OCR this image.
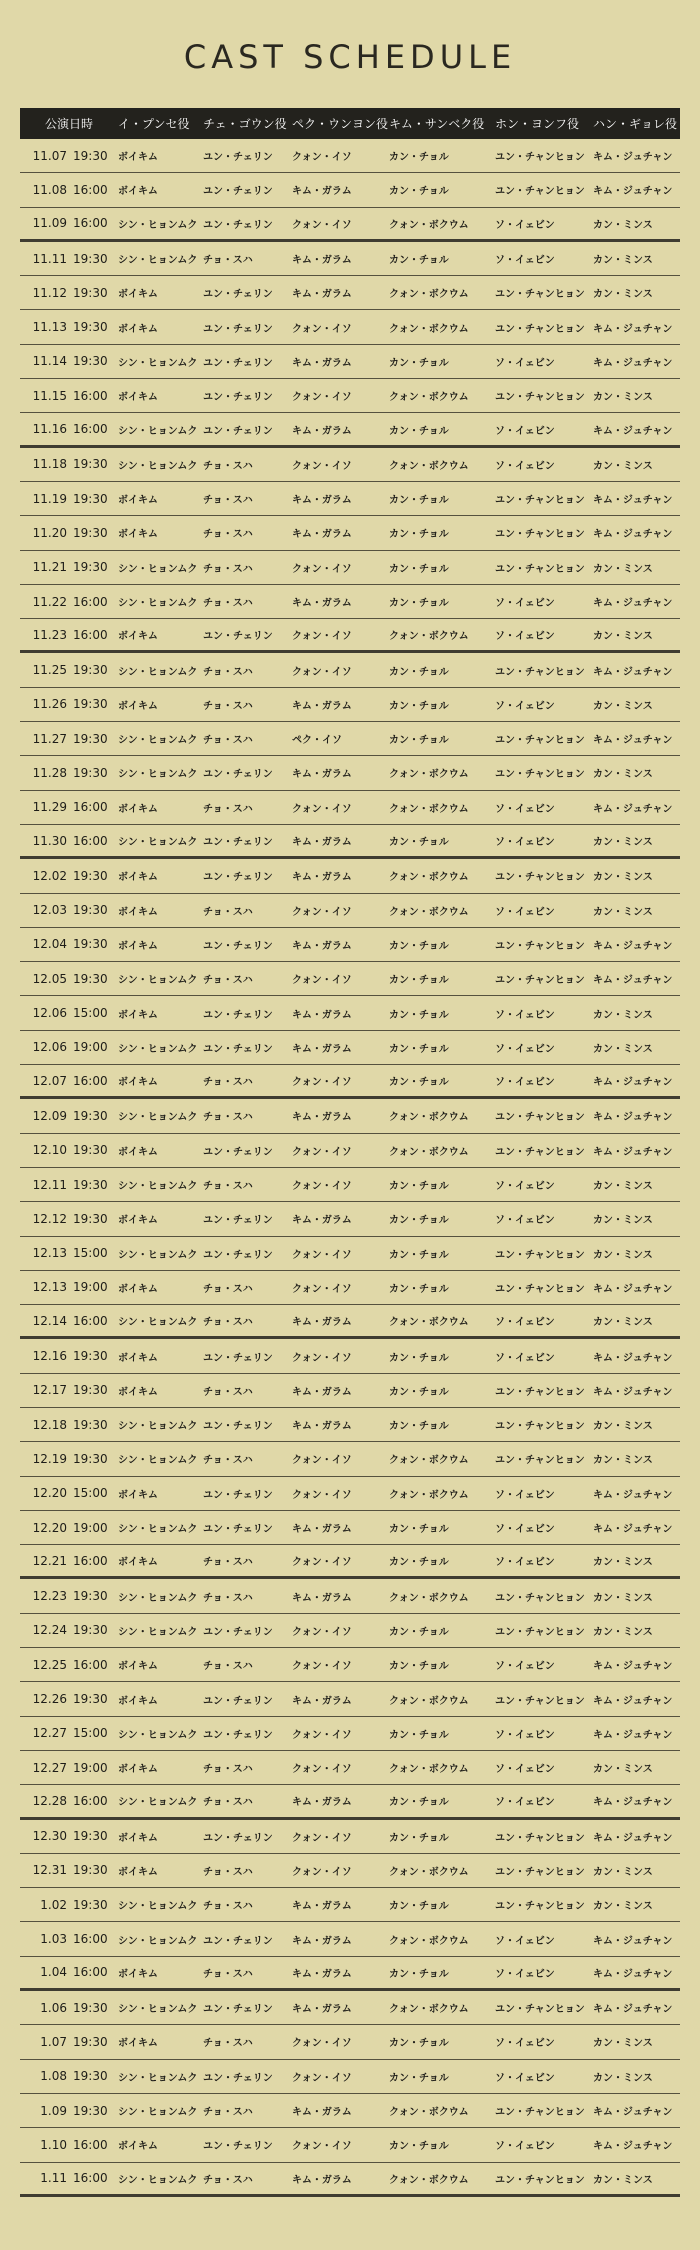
CAST SCHEDULE
公演日時	イ・プンセ役	チェ・ゴウン役 ペク・ウンヨン役 キム・サンベク役 ホン・ヨンフ役	ハン・ギョレ役
11.07 19:30	ボイキム	ユン・チェリン	クォン・イソ	カン・チョル	ユン・チャンヒョン キム・ジュチャン
11.08 16:00	ボイキム	ユン・チェリン	キム・ガラム	カン・チョル	ユン・チャンヒョン キム・ジュチャン
11.09 16:00	シン・ヒョンムク ユン・チェリン	クォン・イソ	クォン・ボクウム	ソ・イェビン	カン・ミンス
11.11 19:30	シン・ヒョンムク チョ・スハ	キム・ガラム	カン・チョル	ソ・イェビン	カン・ミンス
11.12 19:30	ボイキム	ユン・チェリン	キム・ガラム	クォン・ボクウム	ユン・チャンヒョン カン・ミンス
11.13 19:30	ボイキム	ユン・チェリン	クォン・イソ	クォン・ボクウム	ユン・チャンヒョン キム・ジュチャン
11.14 19:30	シン・ヒョンムク ユン・チェリン	キム・ガラム	カン・チョル	ソ・イェビン	キム・ジュチャン
11.15 16:00	ボイキム	ユン・チェリン	クォン・イソ	クォン・ボクウム	ユン・チャンヒョン カン・ミンス
11.16 16:00	シン・ヒョンムク ユン・チェリン	キム・ガラム	カン・チョル	ソ・イェビン	キム・ジュチャン
11.18 19:30	シン・ヒョンムク チョ・スハ	クォン・イソ	クォン・ボクウム	ソ・イェビン	カン・ミンス
11.19 19:30	ボイキム	チョ・スハ	キム・ガラム	カン・チョル	ユン・チャンヒョン キム・ジュチャン
11.20 19:30	ボイキム	チョ・スハ	キム・ガラム	カン・チョル	ユン・チャンヒョン キム・ジュチャン
11.21 19:30	シン・ヒョンムク チョ・スハ	クォン・イソ	カン・チョル	ユン・チャンヒョン カン・ミンス
11.22 16:00	シン・ヒョンムク チョ・スハ	キム・ガラム	カン・チョル	ソ・イェビン	キム・ジュチャン
11.23 16:00	ボイキム	ユン・チェリン	クォン・イソ	クォン・ボクウム	ソ・イェビン	カン・ミンス
11.25 19:30	シン・ヒョンムク チョ・スハ	クォン・イソ	カン・チョル	ユン・チャンヒョン キム・ジュチャン
11.26 19:30	ボイキム	チョ・スハ	キム・ガラム	カン・チョル	ソ・イェビン	カン・ミンス
11.27 19:30	シン・ヒョンムク チョ・スハ	ペク・イソ	カン・チョル	ユン・チャンヒョン キム・ジュチャン
11.28 19:30	シン・ヒョンムク ユン・チェリン	キム・ガラム	クォン・ボクウム	ユン・チャンヒョン カン・ミンス
11.29 16:00	ボイキム	チョ・スハ	クォン・イソ	クォン・ボクウム	ソ・イェビン	キム・ジュチャン
11.30 16:00	シン・ヒョンムク ユン・チェリン	キム・ガラム	カン・チョル	ソ・イェビン	カン・ミンス
12.02 19:30	ボイキム	ユン・チェリン	キム・ガラム	クォン・ボクウム	ユン・チャンヒョン カン・ミンス
12.03 19:30	ボイキム	チョ・スハ	クォン・イソ	クォン・ボクウム	ソ・イェビン	カン・ミンス
12.04 19:30	ボイキム	ユン・チェリン	キム・ガラム	カン・チョル	ユン・チャンヒョン キム・ジュチャン
12.05 19:30	シン・ヒョンムク チョ・スハ	クォン・イソ	カン・チョル	ユン・チャンヒョン キム・ジュチャン
12.06 15:00	ボイキム	ユン・チェリン	キム・ガラム	カン・チョル	ソ・イェビン	カン・ミンス
12.06 19:00	シン・ヒョンムク ユン・チェリン	キム・ガラム	カン・チョル	ソ・イェビン	カン・ミンス
12.07 16:00	ボイキム	チョ・スハ	クォン・イソ	カン・チョル	ソ・イェビン	キム・ジュチャン
12.09 19:30	シン・ヒョンムク チョ・スハ	キム・ガラム	クォン・ボクウム	ユン・チャンヒョン キム・ジュチャン
12.10 19:30	ボイキム	ユン・チェリン	クォン・イソ	クォン・ボクウム	ユン・チャンヒョン キム・ジュチャン
12.11 19:30	シン・ヒョンムク チョ・スハ	クォン・イソ	カン・チョル	ソ・イェビン	カン・ミンス
12.12 19:30	ボイキム	ユン・チェリン	キム・ガラム	カン・チョル	ソ・イェビン	カン・ミンス
12.13 15:00	シン・ヒョンムク ユン・チェリン	クォン・イソ	カン・チョル	ユン・チャンヒョン カン・ミンス
12.13 19:00	ボイキム	チョ・スハ	クォン・イソ	カン・チョル	ユン・チャンヒョン キム・ジュチャン
12.14 16:00	シン・ヒョンムク チョ・スハ	キム・ガラム	クォン・ボクウム	ソ・イェビン	カン・ミンス
12.16 19:30	ボイキム	ユン・チェリン	クォン・イソ	カン・チョル	ソ・イェビン	キム・ジュチャン
12.17 19:30	ボイキム	チョ・スハ	キム・ガラム	カン・チョル	ユン・チャンヒョン キム・ジュチャン
12.18 19:30	シン・ヒョンムク ユン・チェリン	キム・ガラム	カン・チョル	ユン・チャンヒョン カン・ミンス
12.19 19:30	シン・ヒョンムク チョ・スハ	クォン・イソ	クォン・ボクウム	ユン・チャンヒョン カン・ミンス
12.20 15:00	ボイキム	ユン・チェリン	クォン・イソ	クォン・ボクウム	ソ・イェビン	キム・ジュチャン
12.20 19:00	シン・ヒョンムク ユン・チェリン	キム・ガラム	カン・チョル	ソ・イェビン	キム・ジュチャン
12.21 16:00	ボイキム	チョ・スハ	クォン・イソ	カン・チョル	ソ・イェビン	カン・ミンス
12.23 19:30	シン・ヒョンムク チョ・スハ	キム・ガラム	クォン・ボクウム	ユン・チャンヒョン カン・ミンス
12.24 19:30	シン・ヒョンムク ユン・チェリン	クォン・イソ	カン・チョル	ユン・チャンヒョン カン・ミンス
12.25 16:00	ボイキム	チョ・スハ	クォン・イソ	カン・チョル	ソ・イェビン	キム・ジュチャン
12.26 19:30	ボイキム	ユン・チェリン	キム・ガラム	クォン・ボクウム	ユン・チャンヒョン キム・ジュチャン
12.27 15:00	シン・ヒョンムク ユン・チェリン	クォン・イソ	カン・チョル	ソ・イェビン	キム・ジュチャン
12.27 19:00	ボイキム	チョ・スハ	クォン・イソ	クォン・ボクウム	ソ・イェビン	カン・ミンス
12.28 16:00	シン・ヒョンムク チョ・スハ	キム・ガラム	カン・チョル	ソ・イェビン	キム・ジュチャン
12.30 19:30	ボイキム	ユン・チェリン	クォン・イソ	カン・チョル	ユン・チャンヒョン キム・ジュチャン
12.31 19:30	ボイキム	チョ・スハ	クォン・イソ	クォン・ボクウム	ユン・チャンヒョン カン・ミンス
1.02 19:30	シン・ヒョンムク チョ・スハ	キム・ガラム	カン・チョル	ユン・チャンヒョン カン・ミンス
1.03 16:00	シン・ヒョンムク ユン・チェリン	キム・ガラム	クォン・ボクウム	ソ・イェビン	キム・ジュチャン
1.04 16:00	ボイキム	チョ・スハ	キム・ガラム	カン・チョル	ソ・イェビン	キム・ジュチャン
1.06 19:30	シン・ヒョンムク ユン・チェリン	キム・ガラム	クォン・ボクウム	ユン・チャンヒョン キム・ジュチャン
1.07 19:30	ボイキム	チョ・スハ	クォン・イソ	カン・チョル	ソ・イェビン	カン・ミンス
1.08 19:30	シン・ヒョンムク ユン・チェリン	クォン・イソ	カン・チョル	ソ・イェビン	カン・ミンス
1.09 19:30	シン・ヒョンムク チョ・スハ	キム・ガラム	クォン・ボクウム	ユン・チャンヒョン キム・ジュチャン
1.10 16:00	ボイキム	ユン・チェリン	クォン・イソ	カン・チョル	ソ・イェビン	キム・ジュチャン
1.11 16:00	シン・ヒョンムク チョ・スハ	キム・ガラム	クォン・ボクウム	ユン・チャンヒョン カン・ミンス
